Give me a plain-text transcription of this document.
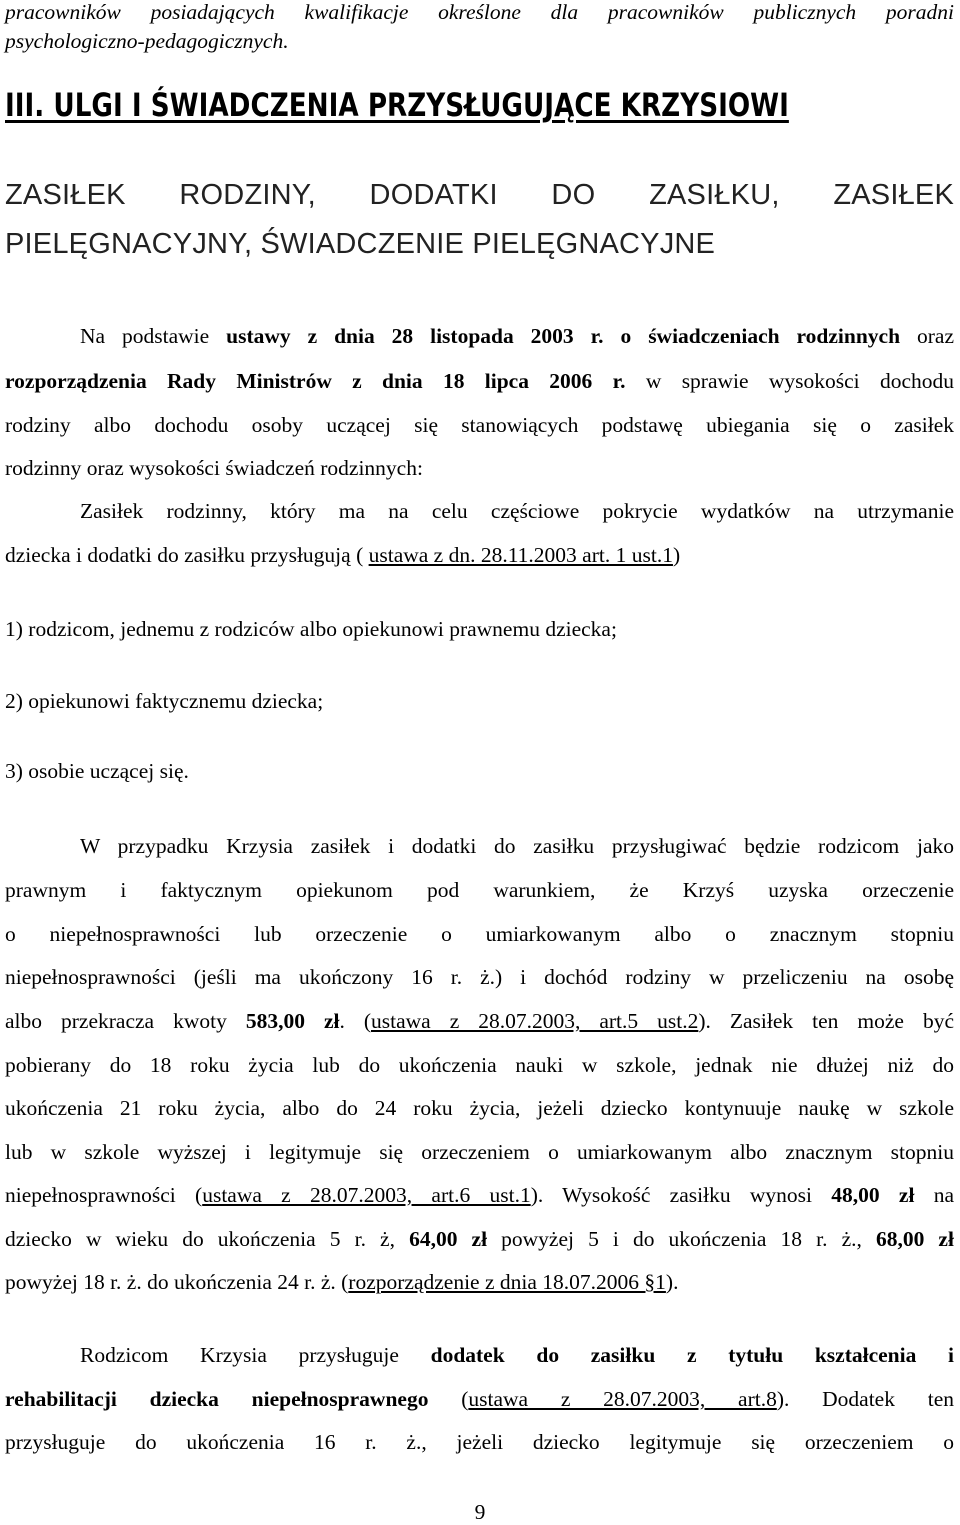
pracowników posiadających kwalifikacje określone dla pracowników publicznych poradni
psychologiczno-pedagogicznych.
III. ULGI I ŚWIADCZENIA PRZYSŁUGUJĄCE KRZYSIOWI
ZASIŁEK RODZINY, DODATKI DO ZASIŁKU, ZASIŁEK
PIELĘGNACYJNY, ŚWIADCZENIE PIELĘGNACYJNE
Na podstawie ustawy z dnia 28 listopada 2003 r. o świadczeniach rodzinnych oraz
rozporządzenia Rady Ministrów z dnia 18 lipca 2006 r. w sprawie wysokości dochodu
rodziny albo dochodu osoby uczącej się stanowiących podstawę ubiegania się o zasiłek
rodzinny oraz wysokości świadczeń rodzinnych:
Zasiłek rodzinny, który ma na celu częściowe pokrycie wydatków na utrzymanie
dziecka i dodatki do zasiłku przysługują ( ustawa z dn. 28.11.2003 art. 1 ust.1)
1) rodzicom, jednemu z rodziców albo opiekunowi prawnemu dziecka;
2) opiekunowi faktycznemu dziecka;
3) osobie uczącej się.
W przypadku Krzysia zasiłek i dodatki do zasiłku przysługiwać będzie rodzicom jako
prawnym i faktycznym opiekunom pod warunkiem, że Krzyś uzyska orzeczenie
o niepełnosprawności lub orzeczenie o umiarkowanym albo o znacznym stopniu
niepełnosprawności (jeśli ma ukończony 16 r. ż.) i dochód rodziny w przeliczeniu na osobę
albo przekracza kwoty 583,00 zł. (ustawa z 28.07.2003, art.5 ust.2). Zasiłek ten może być
pobierany do 18 roku życia lub do ukończenia nauki w szkole, jednak nie dłużej niż do
ukończenia 21 roku życia, albo do 24 roku życia, jeżeli dziecko kontynuuje naukę w szkole
lub w szkole wyższej i legitymuje się orzeczeniem o umiarkowanym albo znacznym stopniu
niepełnosprawności (ustawa z 28.07.2003, art.6 ust.1). Wysokość zasiłku wynosi 48,00 zł na
dziecko w wieku do ukończenia 5 r. ż, 64,00 zł powyżej 5 i do ukończenia 18 r. ż., 68,00 zł
powyżej 18 r. ż. do ukończenia 24 r. ż. (rozporządzenie z dnia 18.07.2006 §1).
Rodzicom Krzysia przysługuje dodatek do zasiłku z tytułu kształcenia i
rehabilitacji dziecka niepełnosprawnego (ustawa z 28.07.2003, art.8). Dodatek ten
przysługuje do ukończenia 16 r. ż., jeżeli dziecko legitymuje się orzeczeniem o
9
